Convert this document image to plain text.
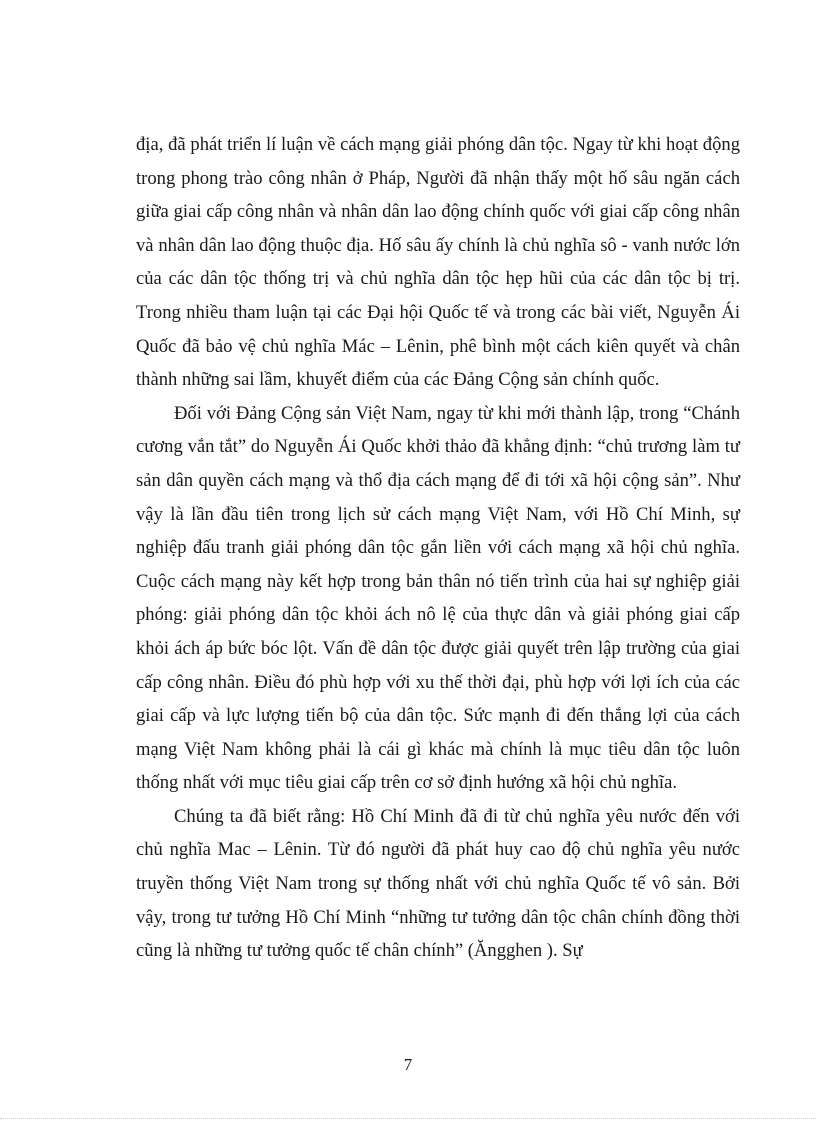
địa, đã phát triển lí luận về cách mạng giải phóng dân tộc. Ngay từ khi hoạt động trong phong trào công nhân ở Pháp, Người đã nhận thấy một hố sâu ngăn cách giữa giai cấp công nhân và nhân dân lao động chính quốc với giai cấp công nhân và nhân dân lao động thuộc địa. Hố sâu ấy chính là chủ nghĩa sô - vanh nước lớn của các dân tộc thống trị và chủ nghĩa dân tộc hẹp hũi của các dân tộc bị trị. Trong nhiều tham luận tại các Đại hội Quốc tế và trong các bài viết, Nguyễn Ái Quốc đã bảo vệ chủ nghĩa Mác – Lênin, phê bình một cách kiên quyết và chân thành những sai lầm, khuyết điểm của các Đảng Cộng sản chính quốc.

Đối với Đảng Cộng sản Việt Nam, ngay từ khi mới thành lập, trong “Chánh cương vắn tắt” do Nguyễn Ái Quốc khởi thảo đã khẳng định: “chủ trương làm tư sản dân quyền cách mạng và thổ địa cách mạng để đi tới xã hội cộng sản”. Như vậy là lần đầu tiên trong lịch sử cách mạng Việt Nam, với Hồ Chí Minh, sự nghiệp đấu tranh giải phóng dân tộc gắn liền với cách mạng xã hội chủ nghĩa. Cuộc cách mạng này kết hợp trong bản thân nó tiến trình của hai sự nghiệp giải phóng: giải phóng dân tộc khỏi ách nô lệ của thực dân và giải phóng giai cấp khỏi ách áp bức bóc lột. Vấn đề dân tộc được giải quyết trên lập trường của giai cấp công nhân. Điều đó phù hợp với xu thế thời đại, phù hợp với lợi ích của các giai cấp và lực lượng tiến bộ của dân tộc. Sức mạnh đi đến thắng lợi của cách mạng Việt Nam không phải là cái gì khác mà chính là mục tiêu dân tộc luôn thống nhất với mục tiêu giai cấp trên cơ sở định hướng xã hội chủ nghĩa.

Chúng ta đã biết rằng: Hồ Chí Minh đã đi từ chủ nghĩa yêu nước đến với chủ nghĩa Mac – Lênin. Từ đó người đã phát huy cao độ chủ nghĩa yêu nước truyền thống Việt Nam trong sự thống nhất với chủ nghĩa Quốc tế vô sản. Bởi vậy, trong tư tưởng Hồ Chí Minh “những tư tưởng dân tộc chân chính đồng thời cũng là những tư tưởng quốc tế chân chính” (Ăngghen ). Sự

7
